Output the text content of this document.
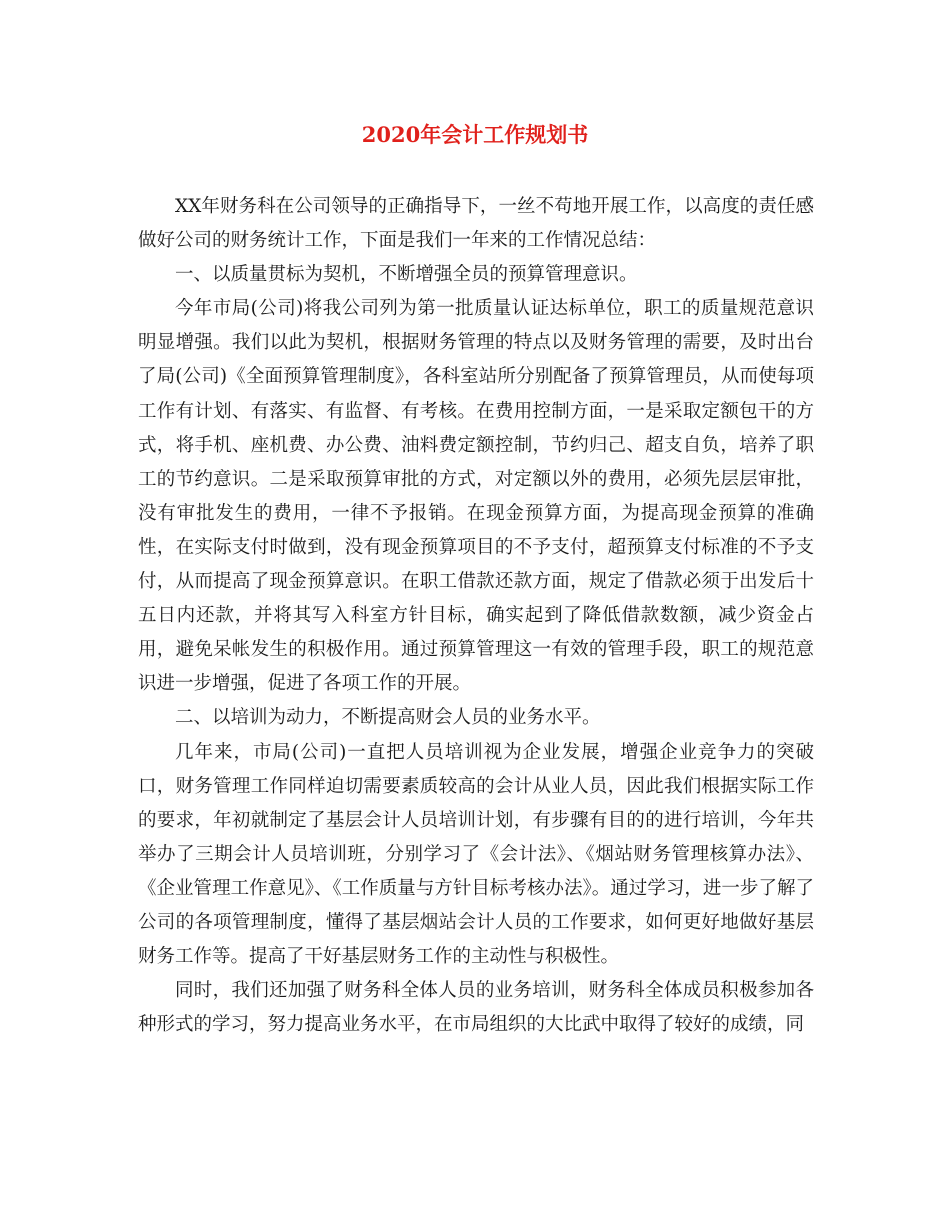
2020年会计工作规划书

XX年财务科在公司领导的正确指导下，一丝不苟地开展工作，以高度的责任感做好公司的财务统计工作，下面是我们一年来的工作情况总结：

一、以质量贯标为契机，不断增强全员的预算管理意识。

今年市局(公司)将我公司列为第一批质量认证达标单位，职工的质量规范意识明显增强。我们以此为契机，根据财务管理的特点以及财务管理的需要，及时出台了局(公司)《全面预算管理制度》，各科室站所分别配备了预算管理员，从而使每项工作有计划、有落实、有监督、有考核。在费用控制方面，一是采取定额包干的方式，将手机、座机费、办公费、油料费定额控制，节约归己、超支自负，培养了职工的节约意识。二是采取预算审批的方式，对定额以外的费用，必须先层层审批，没有审批发生的费用，一律不予报销。在现金预算方面，为提高现金预算的准确性，在实际支付时做到，没有现金预算项目的不予支付，超预算支付标准的不予支付，从而提高了现金预算意识。在职工借款还款方面，规定了借款必须于出发后十五日内还款，并将其写入科室方针目标，确实起到了降低借款数额，减少资金占用，避免呆帐发生的积极作用。通过预算管理这一有效的管理手段，职工的规范意识进一步增强，促进了各项工作的开展。

二、以培训为动力，不断提高财会人员的业务水平。

几年来，市局(公司)一直把人员培训视为企业发展，增强企业竞争力的突破口，财务管理工作同样迫切需要素质较高的会计从业人员，因此我们根据实际工作的要求，年初就制定了基层会计人员培训计划，有步骤有目的的进行培训，今年共举办了三期会计人员培训班，分别学习了《会计法》、《烟站财务管理核算办法》、《企业管理工作意见》、《工作质量与方针目标考核办法》。通过学习，进一步了解了公司的各项管理制度，懂得了基层烟站会计人员的工作要求，如何更好地做好基层财务工作等。提高了干好基层财务工作的主动性与积极性。

同时，我们还加强了财务科全体人员的业务培训，财务科全体成员积极参加各种形式的学习，努力提高业务水平，在市局组织的大比武中取得了较好的成绩，同
